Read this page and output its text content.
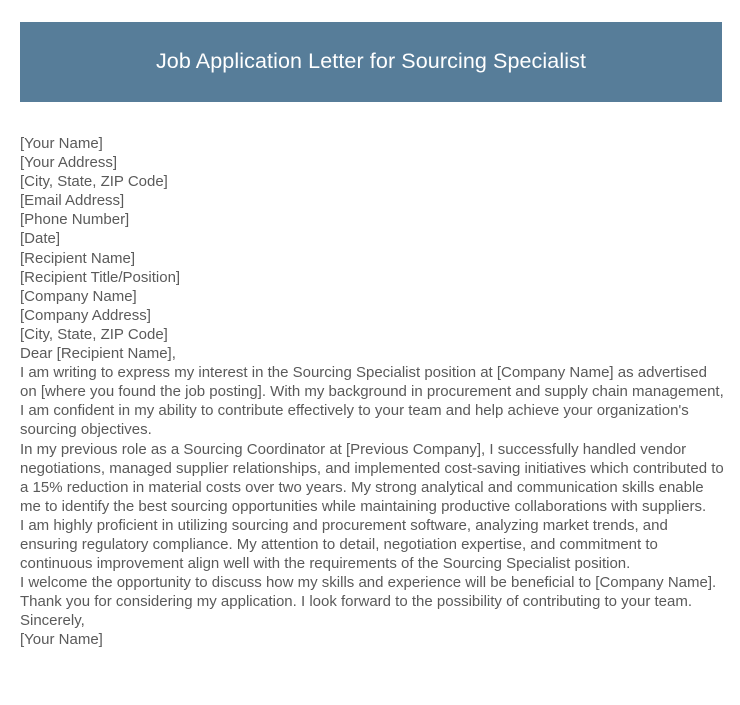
Job Application Letter for Sourcing Specialist
[Your Name]
[Your Address]
[City, State, ZIP Code]
[Email Address]
[Phone Number]
[Date]
[Recipient Name]
[Recipient Title/Position]
[Company Name]
[Company Address]
[City, State, ZIP Code]
Dear [Recipient Name],
I am writing to express my interest in the Sourcing Specialist position at [Company Name] as advertised on [where you found the job posting]. With my background in procurement and supply chain management, I am confident in my ability to contribute effectively to your team and help achieve your organization's sourcing objectives.
In my previous role as a Sourcing Coordinator at [Previous Company], I successfully handled vendor negotiations, managed supplier relationships, and implemented cost-saving initiatives which contributed to a 15% reduction in material costs over two years. My strong analytical and communication skills enable me to identify the best sourcing opportunities while maintaining productive collaborations with suppliers.
I am highly proficient in utilizing sourcing and procurement software, analyzing market trends, and ensuring regulatory compliance. My attention to detail, negotiation expertise, and commitment to continuous improvement align well with the requirements of the Sourcing Specialist position.
I welcome the opportunity to discuss how my skills and experience will be beneficial to [Company Name]. Thank you for considering my application. I look forward to the possibility of contributing to your team.
Sincerely,
[Your Name]
